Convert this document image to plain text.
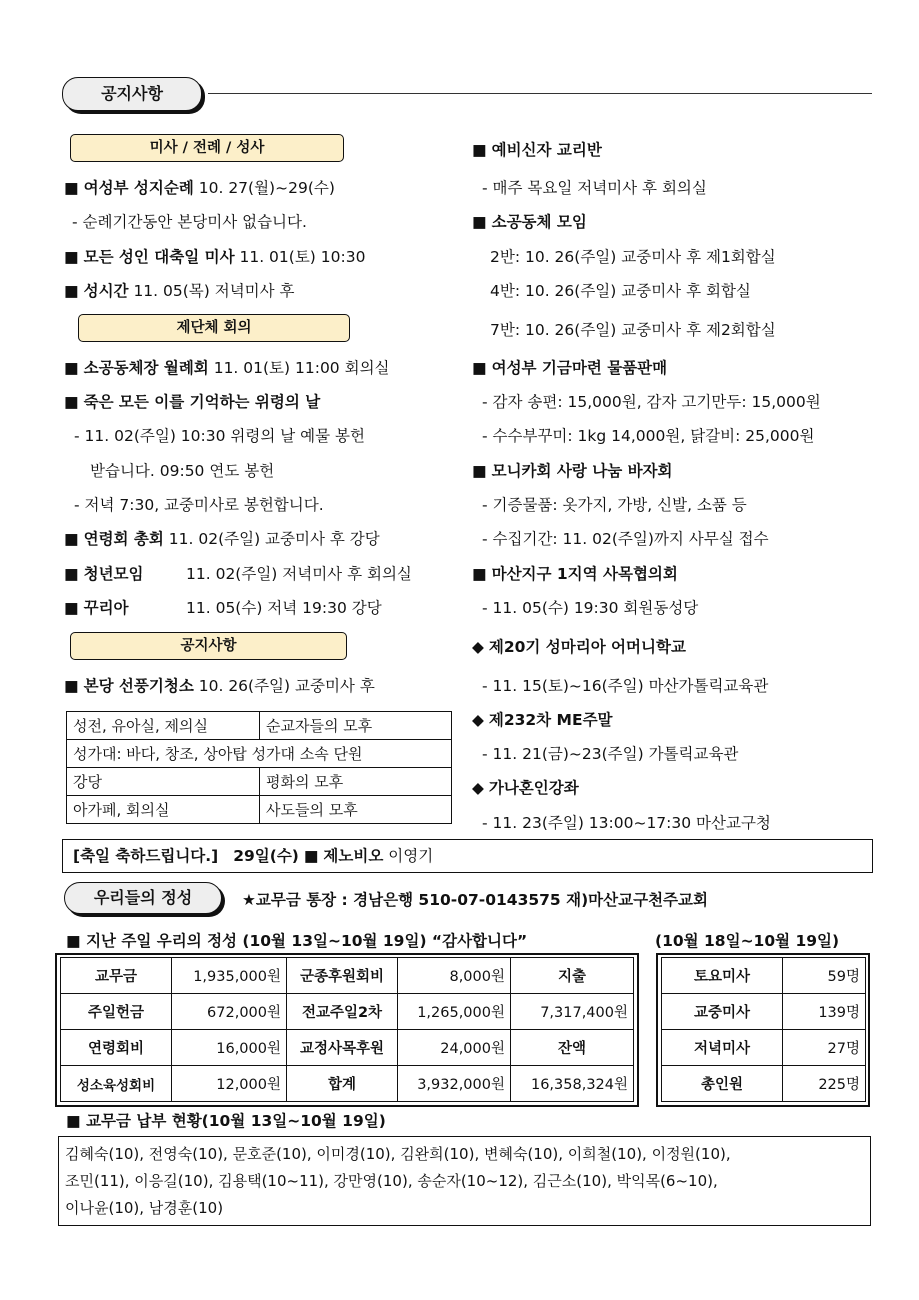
공지사항
미사 / 전례 / 성사
■ 여성부 성지순례 10. 27(월)~29(수)
- 순례기간동안 본당미사 없습니다.
■ 모든 성인 대축일 미사 11. 01(토) 10:30
■ 성시간 11. 05(목) 저녁미사 후
제단체 회의
■ 소공동체장 월례회 11. 01(토) 11:00 회의실
■ 죽은 모든 이를 기억하는 위령의 날
- 11. 02(주일) 10:30 위령의 날 예물 봉헌
받습니다. 09:50 연도 봉헌
- 저녁 7:30, 교중미사로 봉헌합니다.
■ 연령회 총회 11. 02(주일) 교중미사 후 강당
■ 청년모임	11. 02(주일) 저녁미사 후 회의실
■ 꾸리아	11. 05(수) 저녁 19:30 강당
공지사항
■ 본당 선풍기청소 10. 26(주일) 교중미사 후
성전, 유아실, 제의실	순교자들의 모후
성가대: 바다, 창조, 상아탑 성가대 소속 단원	
강당	평화의 모후
아가페, 회의실	사도들의 모후
■ 예비신자 교리반
- 매주 목요일 저녁미사 후 회의실
■ 소공동체 모임
2반: 10. 26(주일) 교중미사 후 제1회합실
4반: 10. 26(주일) 교중미사 후 회합실
7반: 10. 26(주일) 교중미사 후 제2회합실
■ 여성부 기금마련 물품판매
- 감자 송편: 15,000원, 감자 고기만두: 15,000원
- 수수부꾸미: 1kg 14,000원, 닭갈비: 25,000원
■ 모니카회 사랑 나눔 바자회
- 기증물품: 옷가지, 가방, 신발, 소품 등
- 수집기간: 11. 02(주일)까지 사무실 접수
■ 마산지구 1지역 사목협의회
- 11. 05(수) 19:30 회원동성당
◆ 제20기 성마리아 어머니학교
- 11. 15(토)~16(주일) 마산가톨릭교육관
◆ 제232차 ME주말
- 11. 21(금)~23(주일) 가톨릭교육관
◆ 가나혼인강좌
- 11. 23(주일) 13:00~17:30 마산교구청
[축일 축하드립니다.] 29일(수) ■ 제노비오 이영기
우리들의 정성	★교무금 통장 : 경남은행 510-07-0143575 재)마산교구천주교회
■ 지난 주일 우리의 정성 (10월 13일~10월 19일) “감사합니다”	(10월 18일~10월 19일)
교무금	1,935,000원	군종후원회비	8,000원	지출
주일헌금	672,000원	전교주일2차	1,265,000원	7,317,400원
연령회비	16,000원	교정사목후원	24,000원	잔액
성소육성회비	12,000원	합계	3,932,000원	16,358,324원
토요미사	59명
교중미사	139명
저녁미사	27명
총인원	225명
■ 교무금 납부 현황(10월 13일~10월 19일)
김혜숙(10), 전영숙(10), 문호준(10), 이미경(10), 김완희(10), 변혜숙(10), 이희철(10), 이정원(10),
조민(11), 이응길(10), 김용택(10~11), 강만영(10), 송순자(10~12), 김근소(10), 박익목(6~10),
이나윤(10), 남경훈(10)
